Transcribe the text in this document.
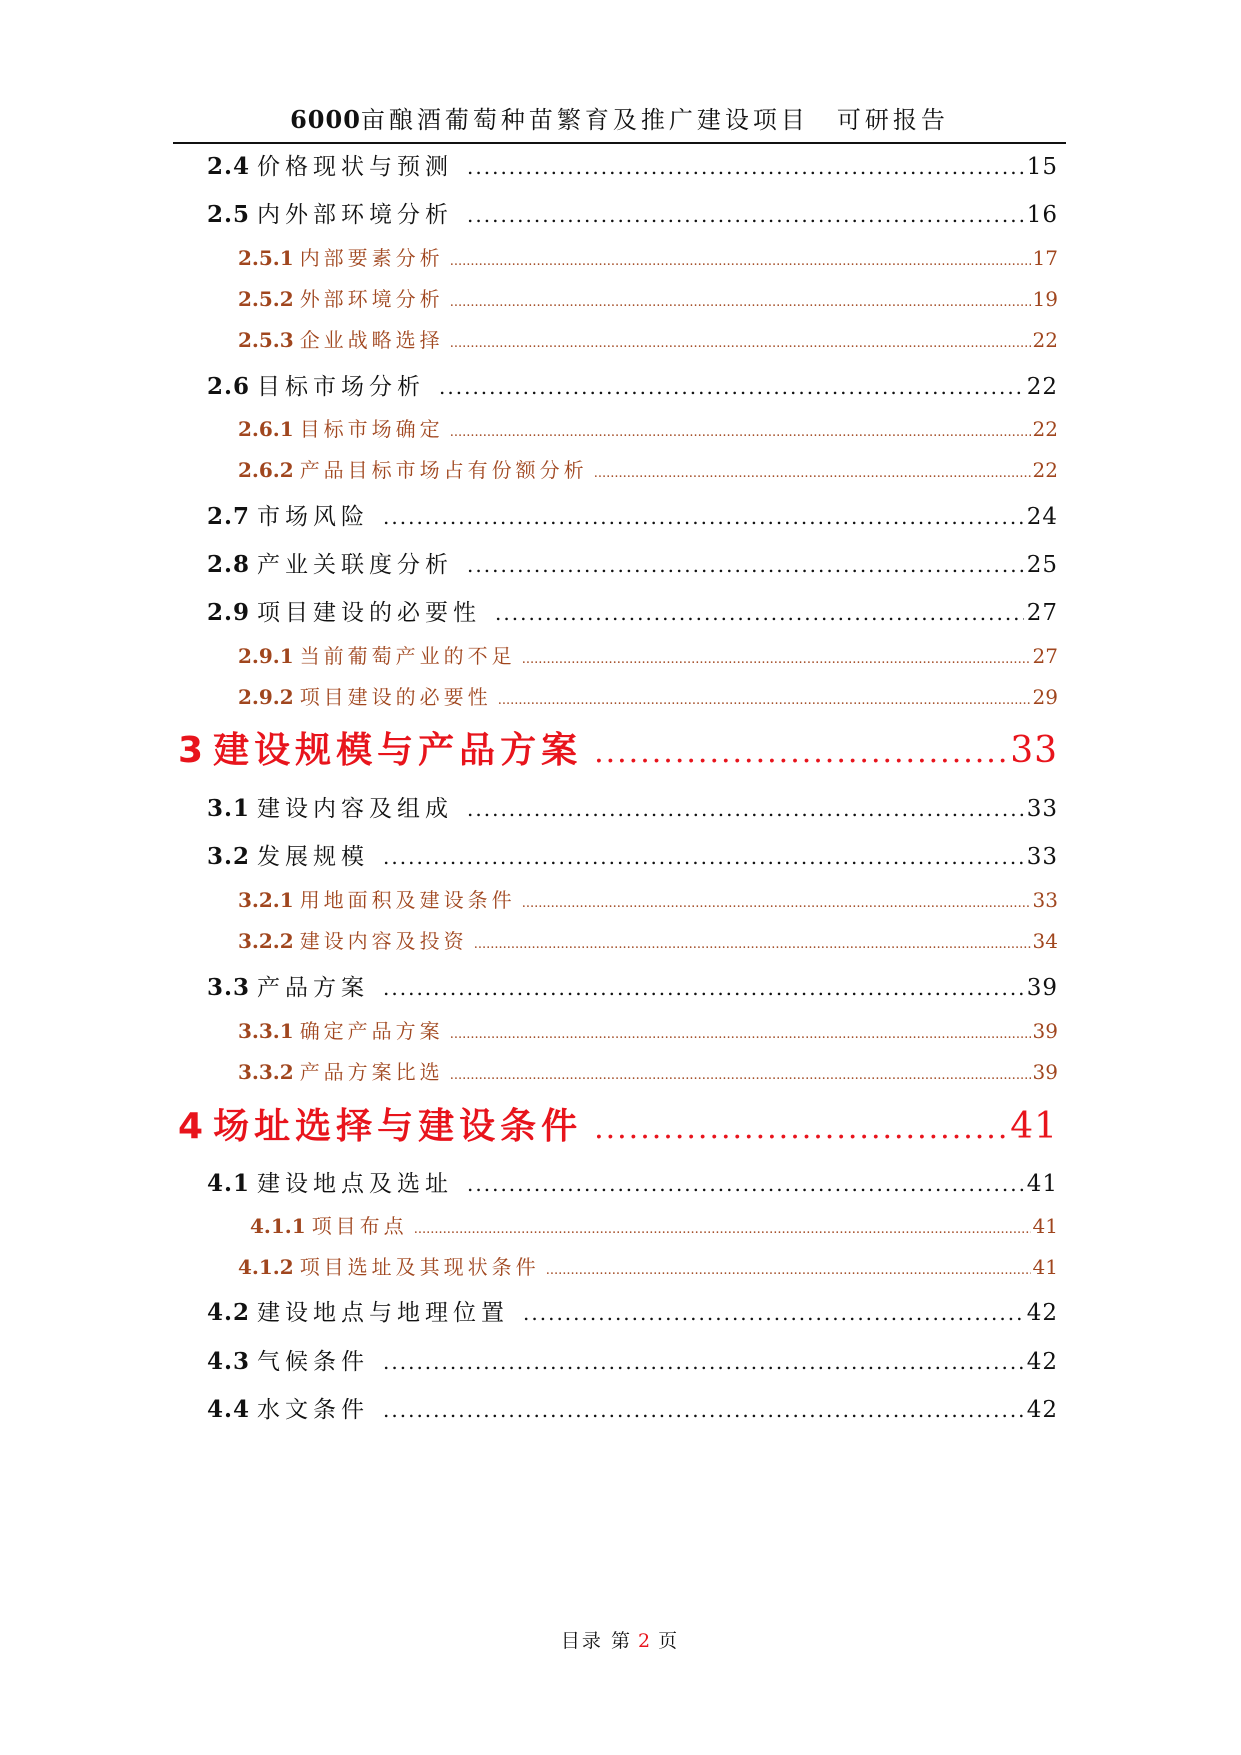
6000亩酿酒葡萄种苗繁育及推广建设项目　可研报告
2.4 价格现状与预测 .....	15
2.5 内外部环境分析 .....	16
2.5.1 内部要素分析 .....	17
2.5.2 外部环境分析 .....	19
2.5.3 企业战略选择 .....	22
2.6 目标市场分析 .....	22
2.6.1 目标市场确定 .....	22
2.6.2 产品目标市场占有份额分析 .....	22
2.7 市场风险 .....	24
2.8 产业关联度分析 .....	25
2.9 项目建设的必要性 .....	27
2.9.1 当前葡萄产业的不足 .....	27
2.9.2 项目建设的必要性 .....	29
3 建设规模与产品方案 .....	33
3.1 建设内容及组成 .....	33
3.2 发展规模 .....	33
3.2.1 用地面积及建设条件 .....	33
3.2.2 建设内容及投资 .....	34
3.3 产品方案 .....	39
3.3.1 确定产品方案 .....	39
3.3.2 产品方案比选 .....	39
4 场址选择与建设条件 .....	41
4.1 建设地点及选址 .....	41
4.1.1 项目布点 .....	41
4.1.2 项目选址及其现状条件 .....	41
4.2 建设地点与地理位置 .....	42
4.3 气候条件 .....	42
4.4 水文条件 .....	42
目录 第 2 页
